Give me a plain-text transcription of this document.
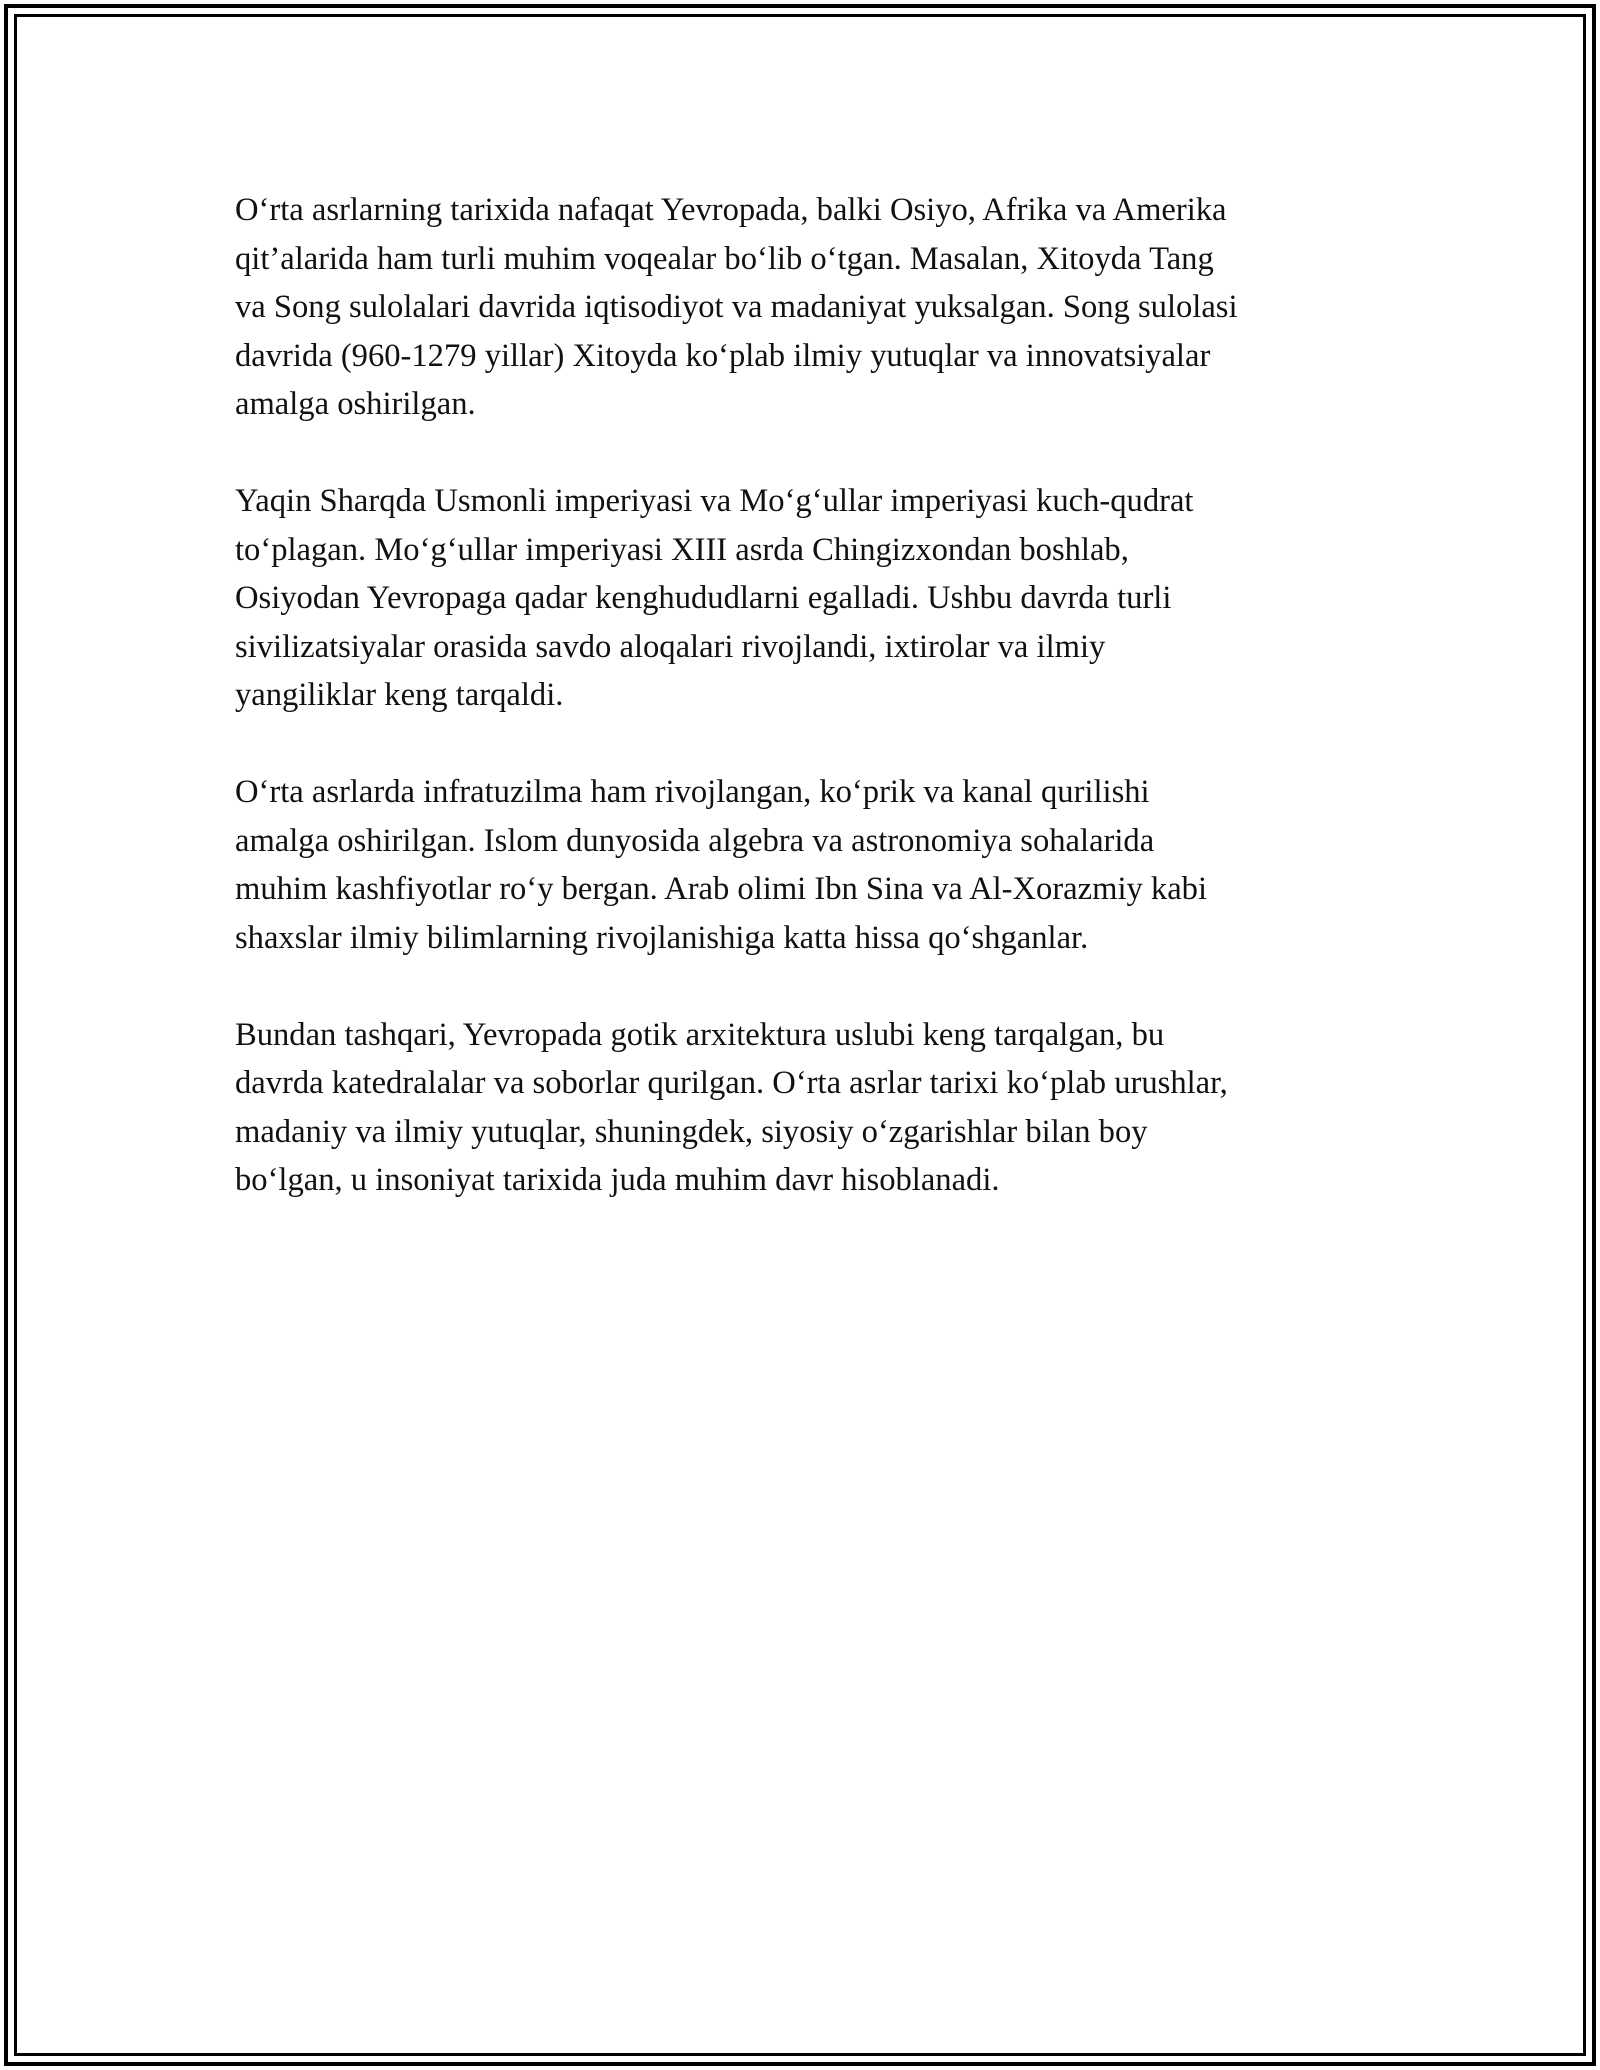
O‘rta asrlarning tarixida nafaqat Yevropada, balki Osiyo, Afrika va Amerika
qit’alarida ham turli muhim voqealar bo‘lib o‘tgan. Masalan, Xitoyda Tang
va Song sulolalari davrida iqtisodiyot va madaniyat yuksalgan. Song sulolasi
davrida (960-1279 yillar) Xitoyda ko‘plab ilmiy yutuqlar va innovatsiyalar
amalga oshirilgan.

Yaqin Sharqda Usmonli imperiyasi va Mo‘g‘ullar imperiyasi kuch-qudrat
to‘plagan. Mo‘g‘ullar imperiyasi XIII asrda Chingizxondan boshlab,
Osiyodan Yevropaga qadar kenghududlarni egalladi. Ushbu davrda turli
sivilizatsiyalar orasida savdo aloqalari rivojlandi, ixtirolar va ilmiy
yangiliklar keng tarqaldi.

O‘rta asrlarda infratuzilma ham rivojlangan, ko‘prik va kanal qurilishi
amalga oshirilgan. Islom dunyosida algebra va astronomiya sohalarida
muhim kashfiyotlar ro‘y bergan. Arab olimi Ibn Sina va Al-Xorazmiy kabi
shaxslar ilmiy bilimlarning rivojlanishiga katta hissa qo‘shganlar.

Bundan tashqari, Yevropada gotik arxitektura uslubi keng tarqalgan, bu
davrda katedralalar va soborlar qurilgan. O‘rta asrlar tarixi ko‘plab urushlar,
madaniy va ilmiy yutuqlar, shuningdek, siyosiy o‘zgarishlar bilan boy
bo‘lgan, u insoniyat tarixida juda muhim davr hisoblanadi.
